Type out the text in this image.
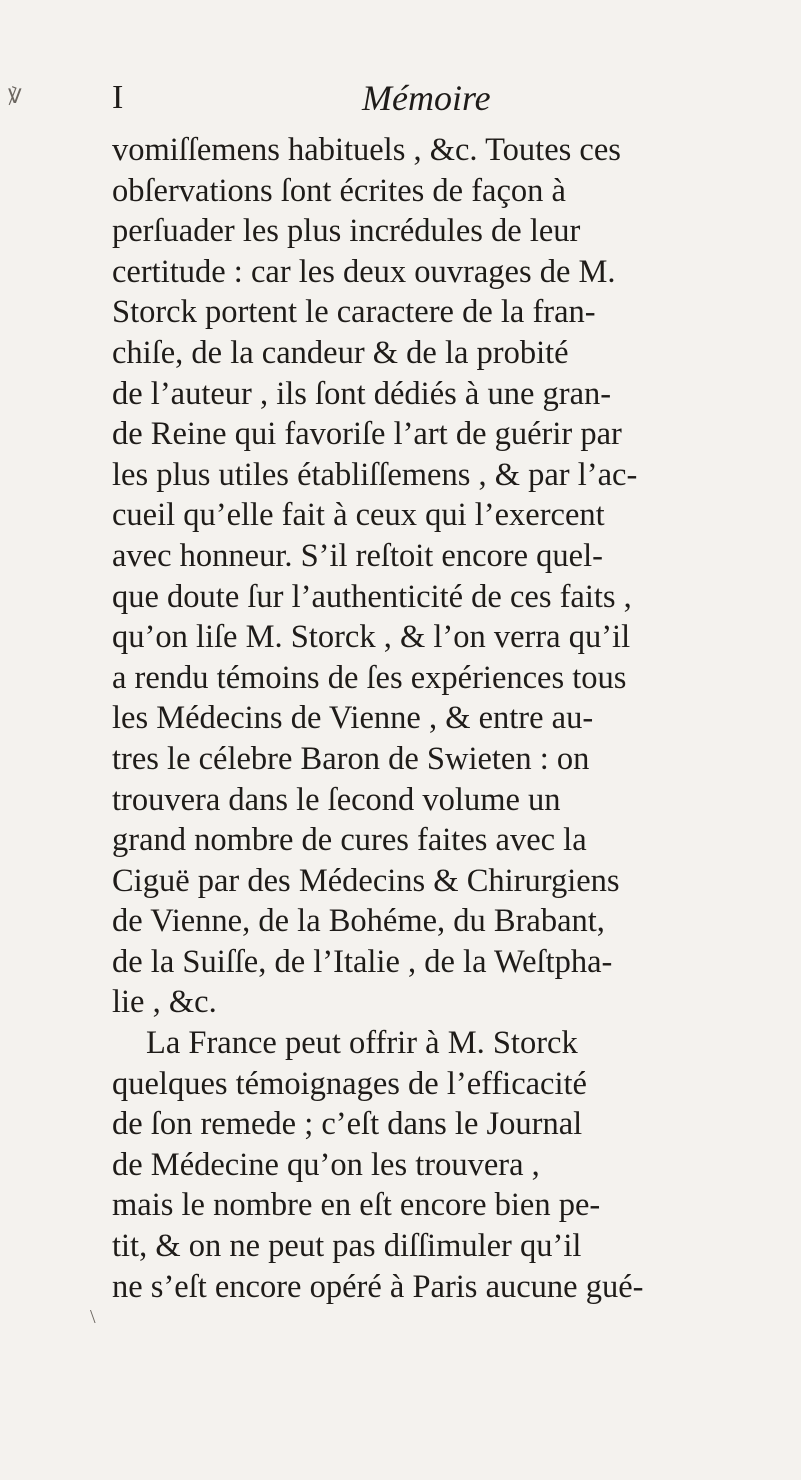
I	Mémoire
vomiſſemens habituels , &c. Toutes ces
obſervations ſont écrites de façon à
perſuader les plus incrédules de leur
certitude : car les deux ouvrages de M.
Storck portent le caractere de la fran-
chiſe, de la candeur & de la probité
de l’auteur , ils ſont dédiés à une gran-
de Reine qui favoriſe l’art de guérir par
les plus utiles établiſſemens , & par l’ac-
cueil qu’elle fait à ceux qui l’exercent
avec honneur. S’il reſtoit encore quel-
que doute ſur l’authenticité de ces faits ,
qu’on liſe M. Storck , & l’on verra qu’il
a rendu témoins de ſes expériences tous
les Médecins de Vienne , & entre au-
tres le célebre Baron de Swieten : on
trouvera dans le ſecond volume un
grand nombre de cures faites avec la
Ciguë par des Médecins & Chirurgiens
de Vienne, de la Bohéme, du Brabant,
de la Suiſſe, de l’Italie , de la Weſtpha-
lie , &c.
La France peut offrir à M. Storck
quelques témoignages de l’efficacité
de ſon remede ; c’eſt dans le Journal
de Médecine qu’on les trouvera ,
mais le nombre en eſt encore bien pe-
tit, & on ne peut pas diſſimuler qu’il
ne s’eſt encore opéré à Paris aucune gué-
℣
\
